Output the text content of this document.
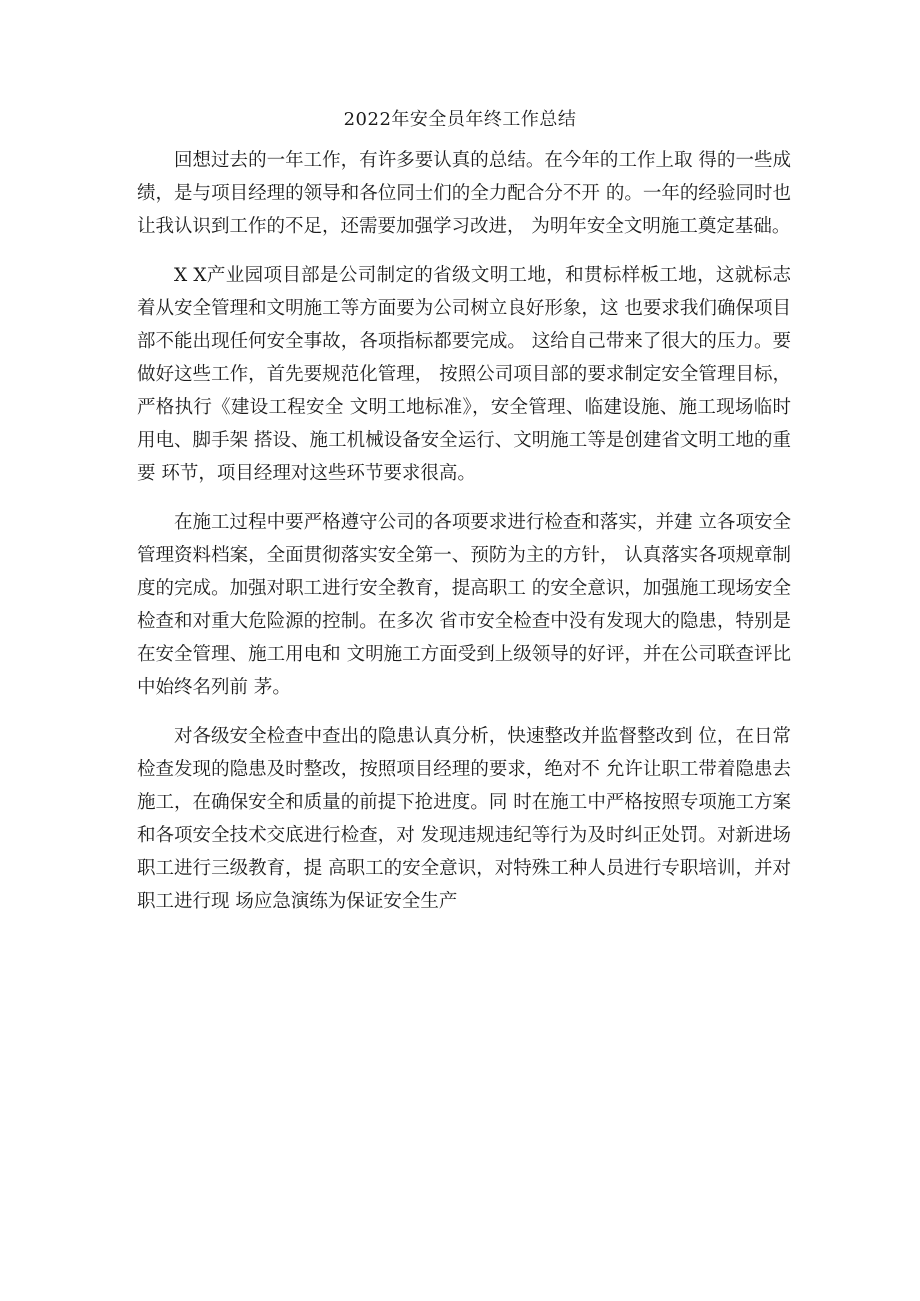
2022年安全员年终工作总结

回想过去的一年工作，有许多要认真的总结。在今年的工作上取 得的一些成绩，是与项目经理的领导和各位同士们的全力配合分不开 的。一年的经验同时也让我认识到工作的不足，还需要加强学习改进， 为明年安全文明施工奠定基础。

X X产业园项目部是公司制定的省级文明工地，和贯标样板工地，这就标志着从安全管理和文明施工等方面要为公司树立良好形象，这 也要求我们确保项目部不能出现任何安全事故，各项指标都要完成。 这给自己带来了很大的压力。要做好这些工作，首先要规范化管理， 按照公司项目部的要求制定安全管理目标，严格执行《建设工程安全 文明工地标准》，安全管理、临建设施、施工现场临时用电、脚手架 搭设、施工机械设备安全运行、文明施工等是创建省文明工地的重要 环节，项目经理对这些环节要求很高。

在施工过程中要严格遵守公司的各项要求进行检查和落实，并建 立各项安全管理资料档案，全面贯彻落实安全第一、预防为主的方针， 认真落实各项规章制度的完成。加强对职工进行安全教育，提高职工 的安全意识，加强施工现场安全检查和对重大危险源的控制。在多次 省市安全检查中没有发现大的隐患，特别是在安全管理、施工用电和 文明施工方面受到上级领导的好评，并在公司联查评比中始终名列前 茅。

对各级安全检查中查出的隐患认真分析，快速整改并监督整改到 位，在日常检查发现的隐患及时整改，按照项目经理的要求，绝对不 允许让职工带着隐患去施工，在确保安全和质量的前提下抢进度。同 时在施工中严格按照专项施工方案和各项安全技术交底进行检查，对 发现违规违纪等行为及时纠正处罚。对新进场职工进行三级教育，提 高职工的安全意识，对特殊工种人员进行专职培训，并对职工进行现 场应急演练为保证安全生产
